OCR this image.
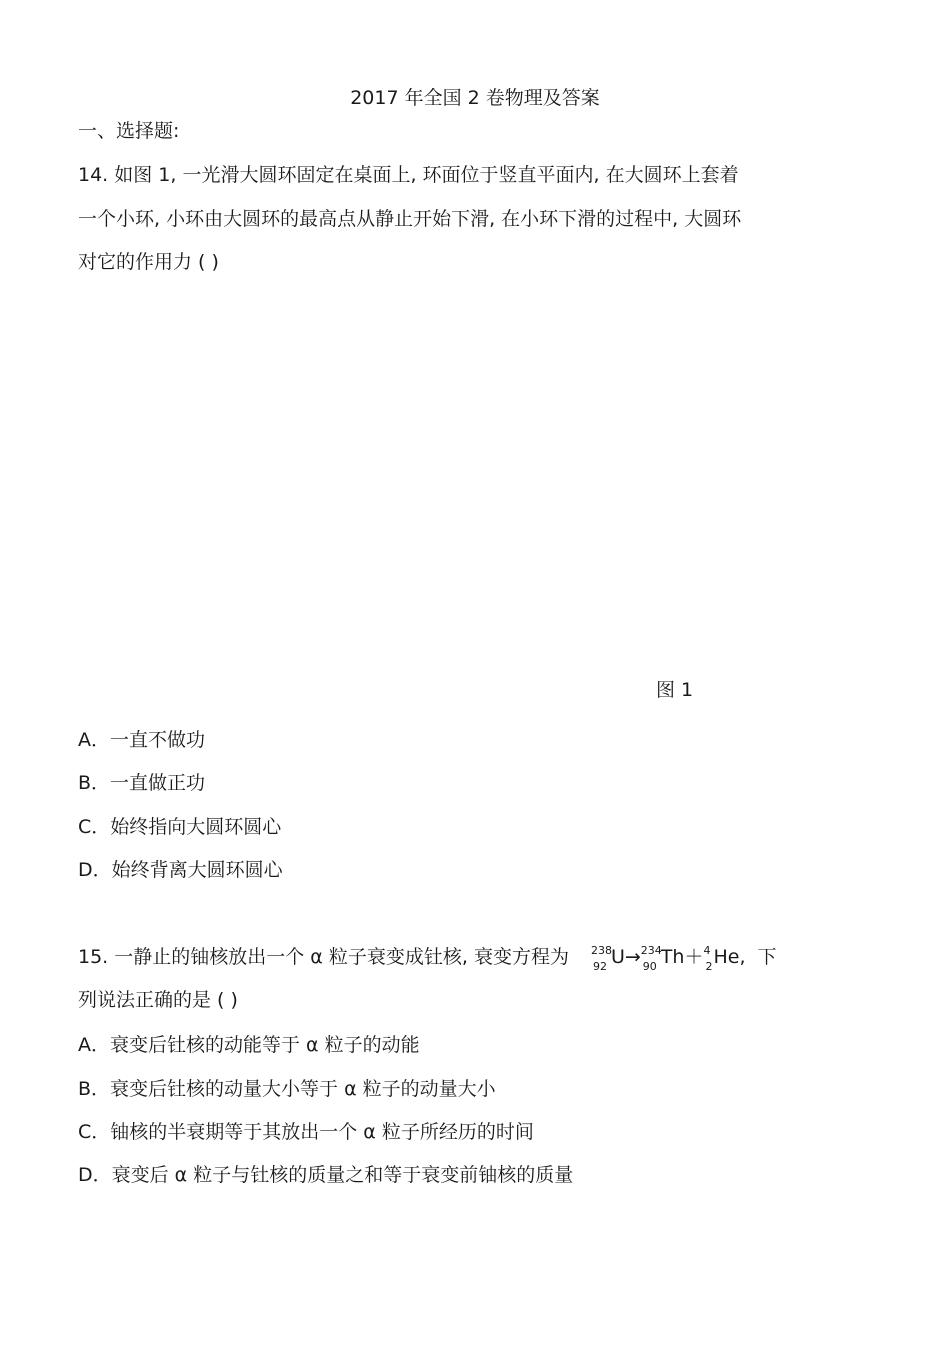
2017 年全国 2 卷物理及答案
一、选择题:
14. 如图 1, 一光滑大圆环固定在桌面上, 环面位于竖直平面内, 在大圆环上套着
一个小环, 小环由大圆环的最高点从静止开始下滑, 在小环下滑的过程中, 大圆环
对它的作用力 ( )
图 1
A．一直不做功
B．一直做正功
C．始终指向大圆环圆心
D．始终背离大圆环圆心
15. 一静止的铀核放出一个 α 粒子衰变成钍核, 衰变方程为 238
92 U→ 234
90 Th＋ 4
2 He, 下
列说法正确的是 ( )
A．衰变后钍核的动能等于 α 粒子的动能
B．衰变后钍核的动量大小等于 α 粒子的动量大小
C．铀核的半衰期等于其放出一个 α 粒子所经历的时间
D．衰变后 α 粒子与钍核的质量之和等于衰变前铀核的质量
